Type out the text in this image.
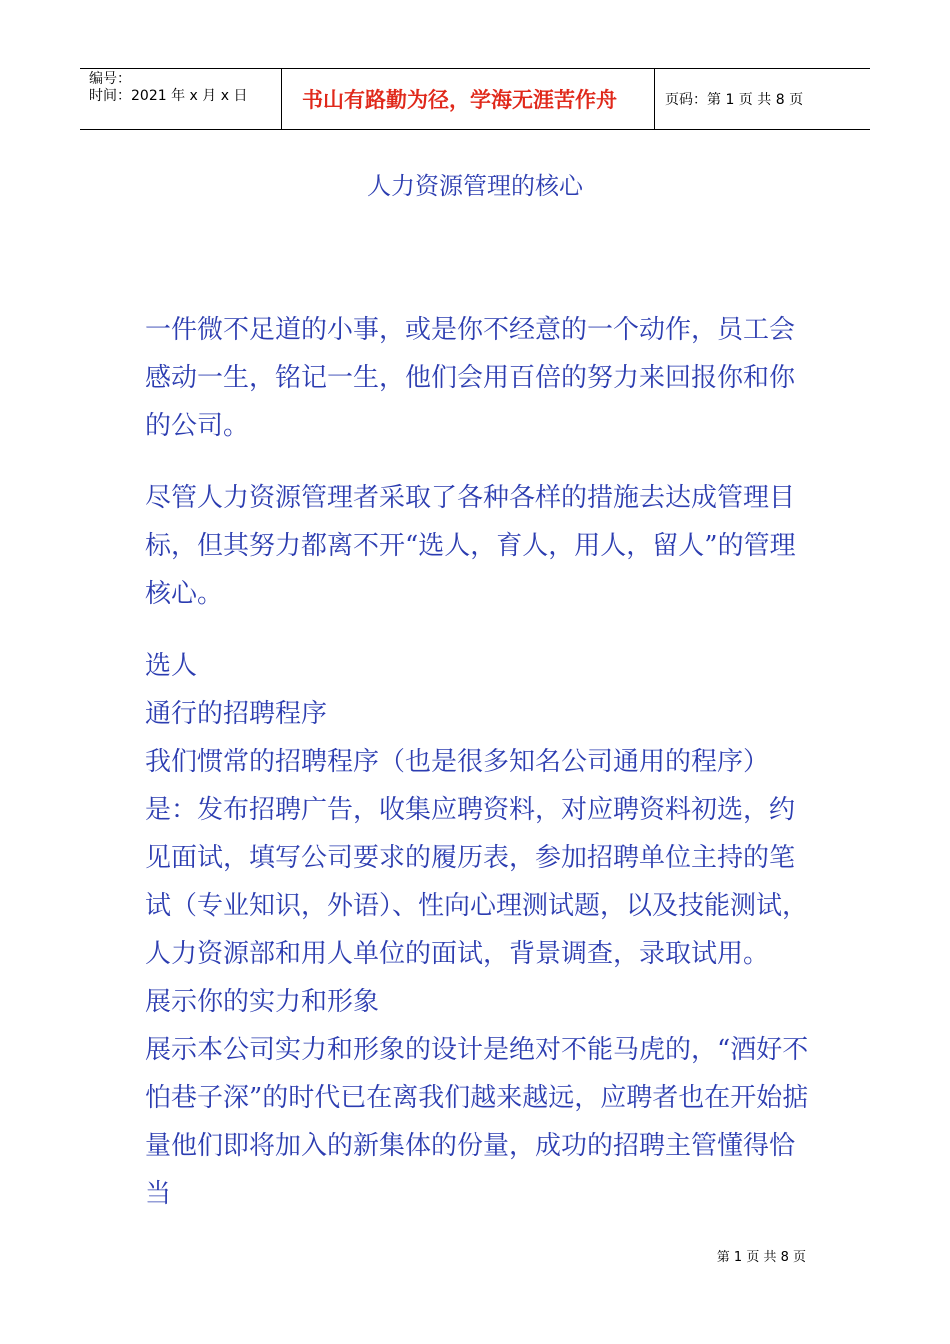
编号：
时间：2021 年 x 月 x 日	书山有路勤为径，学海无涯苦作舟	页码：第 1 页 共 8 页
人力资源管理的核心

一件微不足道的小事，或是你不经意的一个动作，员工会感动一生，铭记一生，他们会用百倍的努力来回报你和你的公司。

尽管人力资源管理者采取了各种各样的措施去达成管理目标，但其努力都离不开“选人，育人，用人，留人”的管理核心。

选人

通行的招聘程序

我们惯常的招聘程序（也是很多知名公司通用的程序）是：发布招聘广告，收集应聘资料，对应聘资料初选，约见面试，填写公司要求的履历表，参加招聘单位主持的笔试（专业知识，外语）、性向心理测试题，以及技能测试，人力资源部和用人单位的面试，背景调查，录取试用。

展示你的实力和形象

展示本公司实力和形象的设计是绝对不能马虎的，“酒好不怕巷子深”的时代已在离我们越来越远，应聘者也在开始掂量他们即将加入的新集体的份量，成功的招聘主管懂得恰当

第 1 页 共 8 页
